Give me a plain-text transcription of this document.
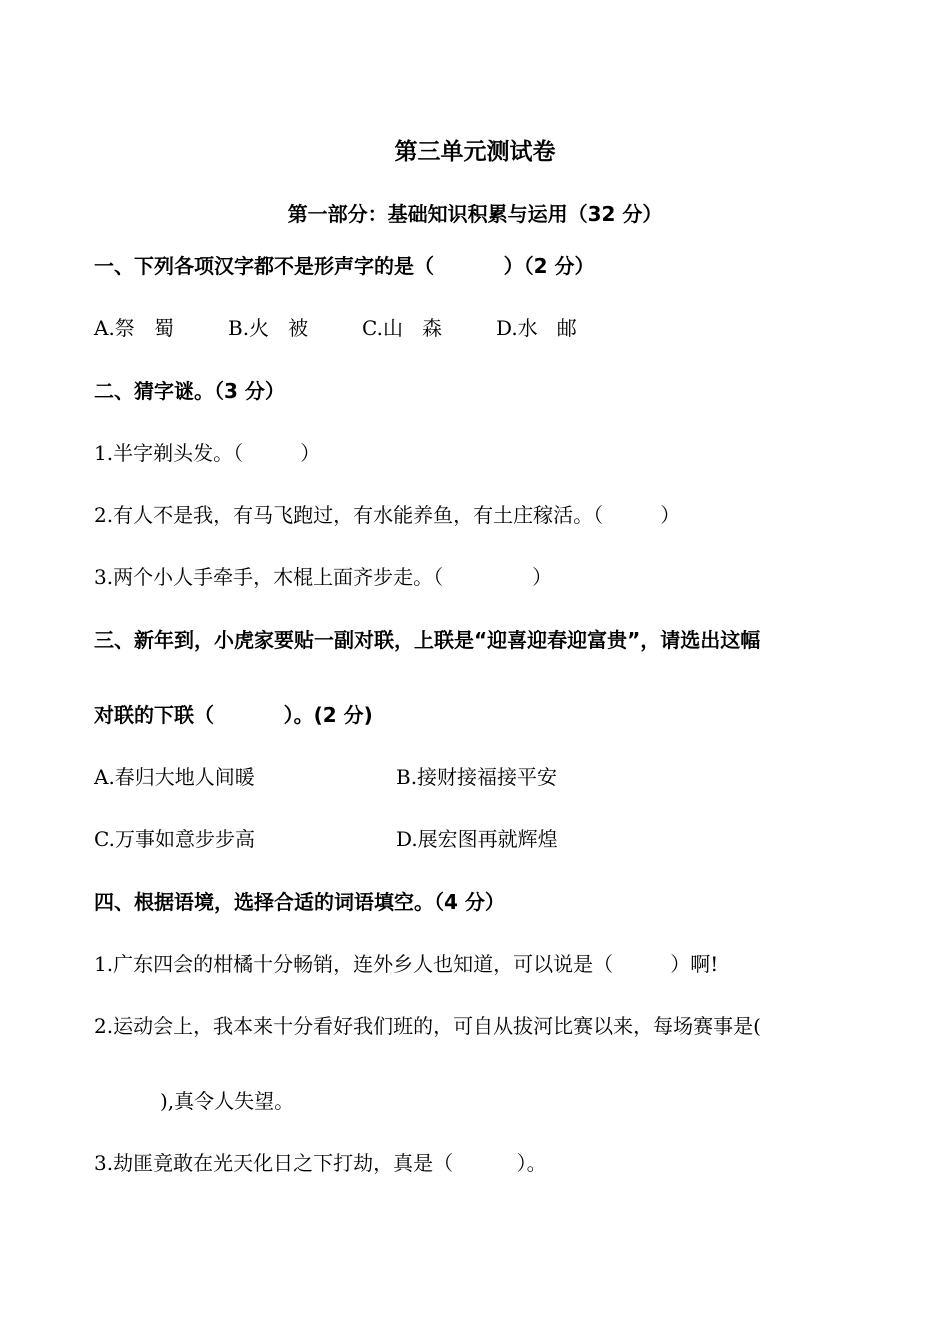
第三单元测试卷
第一部分：基础知识积累与运用（32 分）
一、下列各项汉字都不是形声字的是（          ）（2 分）
A.祭   蜀	B.火   被	C.山   森	D.水   邮
二、猜字谜。（3 分）
1.半字剃头发。（         ）
2.有人不是我，有马飞跑过，有水能养鱼，有土庄稼活。（         ）
3.两个小人手牵手，木棍上面齐步走。（              ）
三、新年到，小虎家要贴一副对联，上联是“迎喜迎春迎富贵”，请选出这幅
对联的下联（          ）。(2 分)
A.春归大地人间暖	B.接财接福接平安
C.万事如意步步高	D.展宏图再就辉煌
四、根据语境，选择合适的词语填空。（4 分）
1.广东四会的柑橘十分畅销，连外乡人也知道，可以说是（         ）啊!
2.运动会上，我本来十分看好我们班的，可自从拔河比赛以来，每场赛事是(
),真令人失望。
3.劫匪竟敢在光天化日之下打劫，真是（          ）。
